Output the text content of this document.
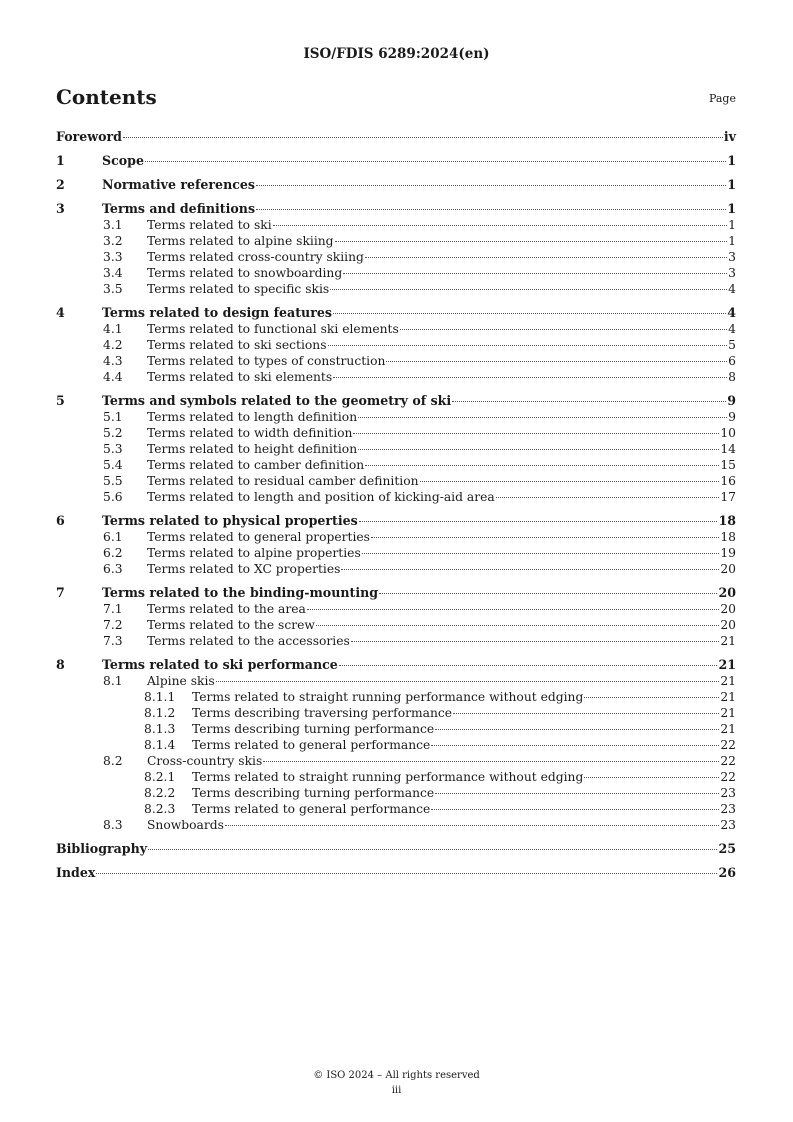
ISO/FDIS 6289:2024(en)
Contents	Page
Foreword	iv
1	Scope	1
2	Normative references	1
3	Terms and definitions	1
3.1	Terms related to ski	1
3.2	Terms related to alpine skiing	1
3.3	Terms related cross-country skiing	3
3.4	Terms related to snowboarding	3
3.5	Terms related to specific skis	4
4	Terms related to design features	4
4.1	Terms related to functional ski elements	4
4.2	Terms related to ski sections	5
4.3	Terms related to types of construction	6
4.4	Terms related to ski elements	8
5	Terms and symbols related to the geometry of ski	9
5.1	Terms related to length definition	9
5.2	Terms related to width definition	10
5.3	Terms related to height definition	14
5.4	Terms related to camber definition	15
5.5	Terms related to residual camber definition	16
5.6	Terms related to length and position of kicking-aid area	17
6	Terms related to physical properties	18
6.1	Terms related to general properties	18
6.2	Terms related to alpine properties	19
6.3	Terms related to XC properties	20
7	Terms related to the binding-mounting	20
7.1	Terms related to the area	20
7.2	Terms related to the screw	20
7.3	Terms related to the accessories	21
8	Terms related to ski performance	21
8.1	Alpine skis	21
8.1.1	Terms related to straight running performance without edging	21
8.1.2	Terms describing traversing performance	21
8.1.3	Terms describing turning performance	21
8.1.4	Terms related to general performance	22
8.2	Cross-country skis	22
8.2.1	Terms related to straight running performance without edging	22
8.2.2	Terms describing turning performance	23
8.2.3	Terms related to general performance	23
8.3	Snowboards	23
Bibliography	25
Index	26
© ISO 2024 – All rights reserved
iii
